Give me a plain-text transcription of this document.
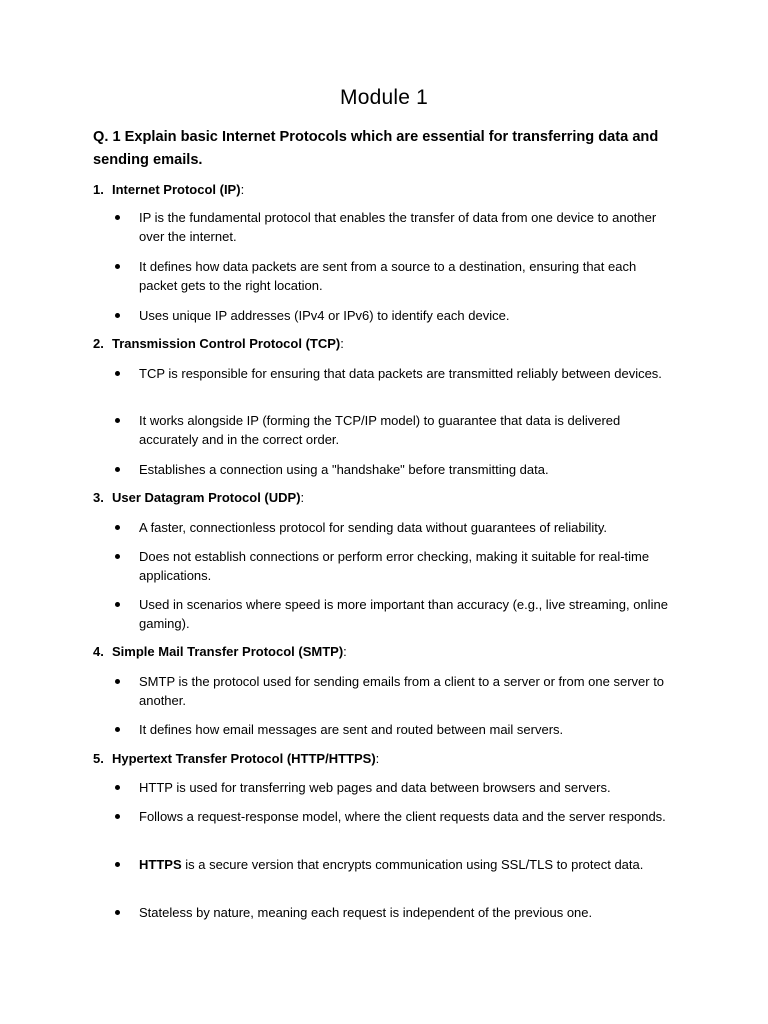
Module 1
Q. 1 Explain basic Internet Protocols which are essential for transferring data and sending emails.
1. Internet Protocol (IP):
IP is the fundamental protocol that enables the transfer of data from one device to another over the internet.
It defines how data packets are sent from a source to a destination, ensuring that each packet gets to the right location.
Uses unique IP addresses (IPv4 or IPv6) to identify each device.
2. Transmission Control Protocol (TCP):
TCP is responsible for ensuring that data packets are transmitted reliably between devices.
It works alongside IP (forming the TCP/IP model) to guarantee that data is delivered accurately and in the correct order.
Establishes a connection using a "handshake" before transmitting data.
3. User Datagram Protocol (UDP):
A faster, connectionless protocol for sending data without guarantees of reliability.
Does not establish connections or perform error checking, making it suitable for real-time applications.
Used in scenarios where speed is more important than accuracy (e.g., live streaming, online gaming).
4. Simple Mail Transfer Protocol (SMTP):
SMTP is the protocol used for sending emails from a client to a server or from one server to another.
It defines how email messages are sent and routed between mail servers.
5. Hypertext Transfer Protocol (HTTP/HTTPS):
HTTP is used for transferring web pages and data between browsers and servers.
Follows a request-response model, where the client requests data and the server responds.
HTTPS is a secure version that encrypts communication using SSL/TLS to protect data.
Stateless by nature, meaning each request is independent of the previous one.
